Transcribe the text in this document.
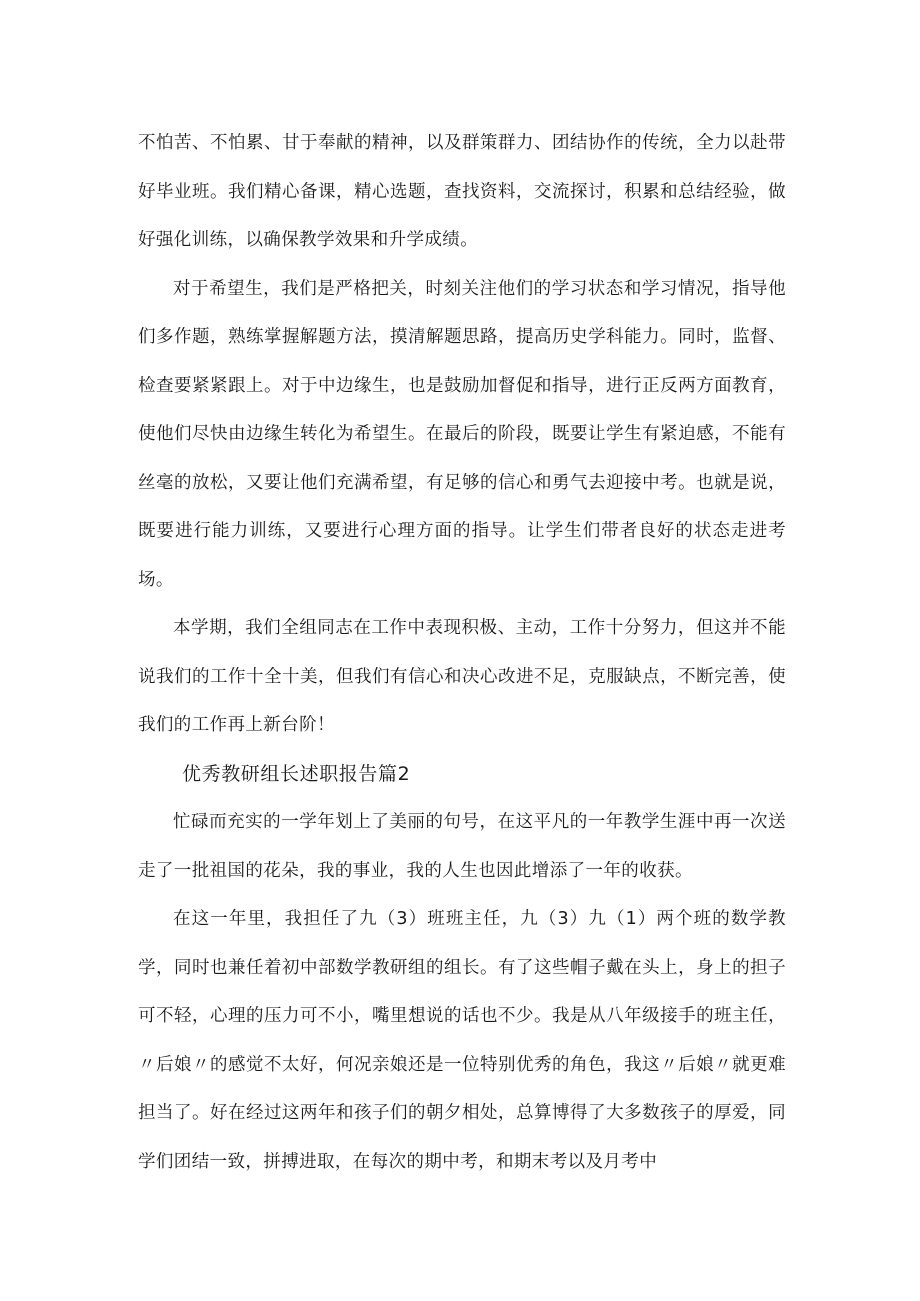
不怕苦、不怕累、甘于奉献的精神，以及群策群力、团结协作的传统，全力以赴带好毕业班。我们精心备课，精心选题，查找资料，交流探讨，积累和总结经验，做好强化训练，以确保教学效果和升学成绩。

对于希望生，我们是严格把关，时刻关注他们的学习状态和学习情况，指导他们多作题，熟练掌握解题方法，摸清解题思路，提高历史学科能力。同时，监督、检查要紧紧跟上。对于中边缘生，也是鼓励加督促和指导，进行正反两方面教育，使他们尽快由边缘生转化为希望生。在最后的阶段，既要让学生有紧迫感，不能有丝毫的放松，又要让他们充满希望，有足够的信心和勇气去迎接中考。也就是说，既要进行能力训练，又要进行心理方面的指导。让学生们带者良好的状态走进考场。

本学期，我们全组同志在工作中表现积极、主动，工作十分努力，但这并不能说我们的工作十全十美，但我们有信心和决心改进不足，克服缺点，不断完善，使我们的工作再上新台阶！

优秀教研组长述职报告篇2

忙碌而充实的一学年划上了美丽的句号，在这平凡的一年教学生涯中再一次送走了一批祖国的花朵，我的事业，我的人生也因此增添了一年的收获。

在这一年里，我担任了九（3）班班主任，九（3）九（1）两个班的数学教学，同时也兼任着初中部数学教研组的组长。有了这些帽子戴在头上，身上的担子可不轻，心理的压力可不小，嘴里想说的话也不少。我是从八年级接手的班主任，〃后娘〃的感觉不太好，何况亲娘还是一位特别优秀的角色，我这〃后娘〃就更难担当了。好在经过这两年和孩子们的朝夕相处，总算博得了大多数孩子的厚爱，同学们团结一致，拼搏进取，在每次的期中考，和期末考以及月考中
